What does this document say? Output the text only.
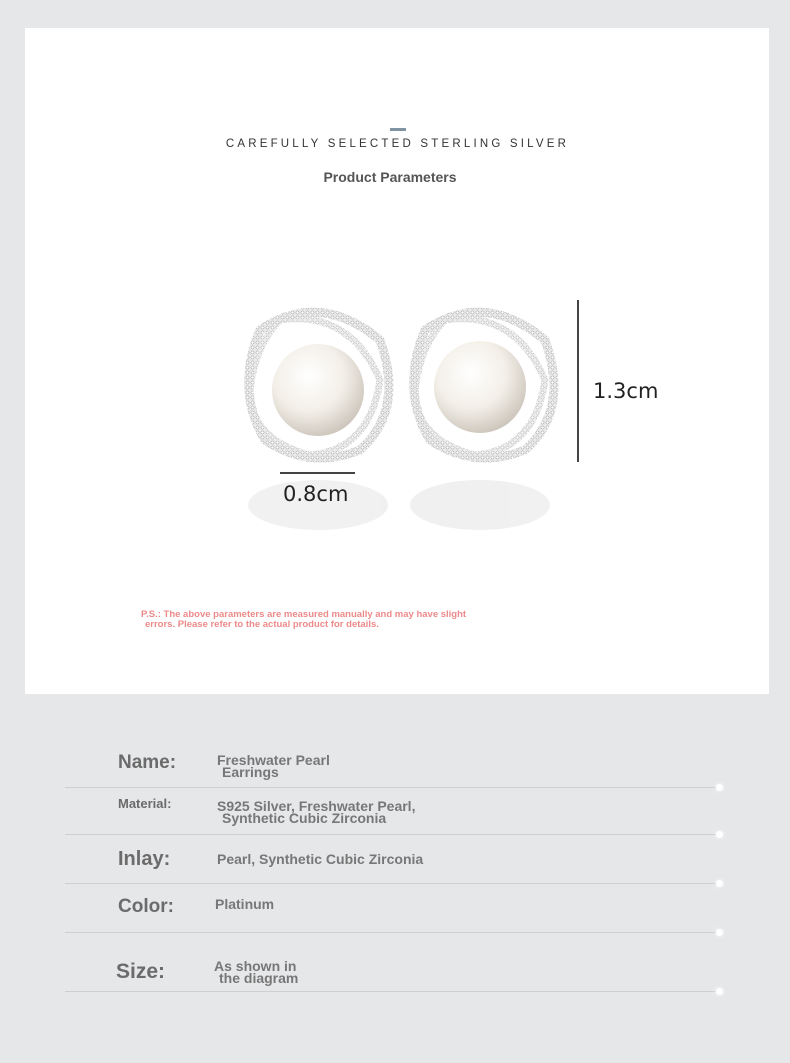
CAREFULLY SELECTED STERLING SILVER
Product Parameters
0.8cm
1.3cm
P.S.: The above parameters are measured manually and may have slight
errors. Please refer to the actual product for details.
Name:	Freshwater Pearl
Earrings
Material:	S925 Silver, Freshwater Pearl,
Synthetic Cubic Zirconia
Inlay:	Pearl, Synthetic Cubic Zirconia
Color:	Platinum
Size:	As shown in
the diagram
